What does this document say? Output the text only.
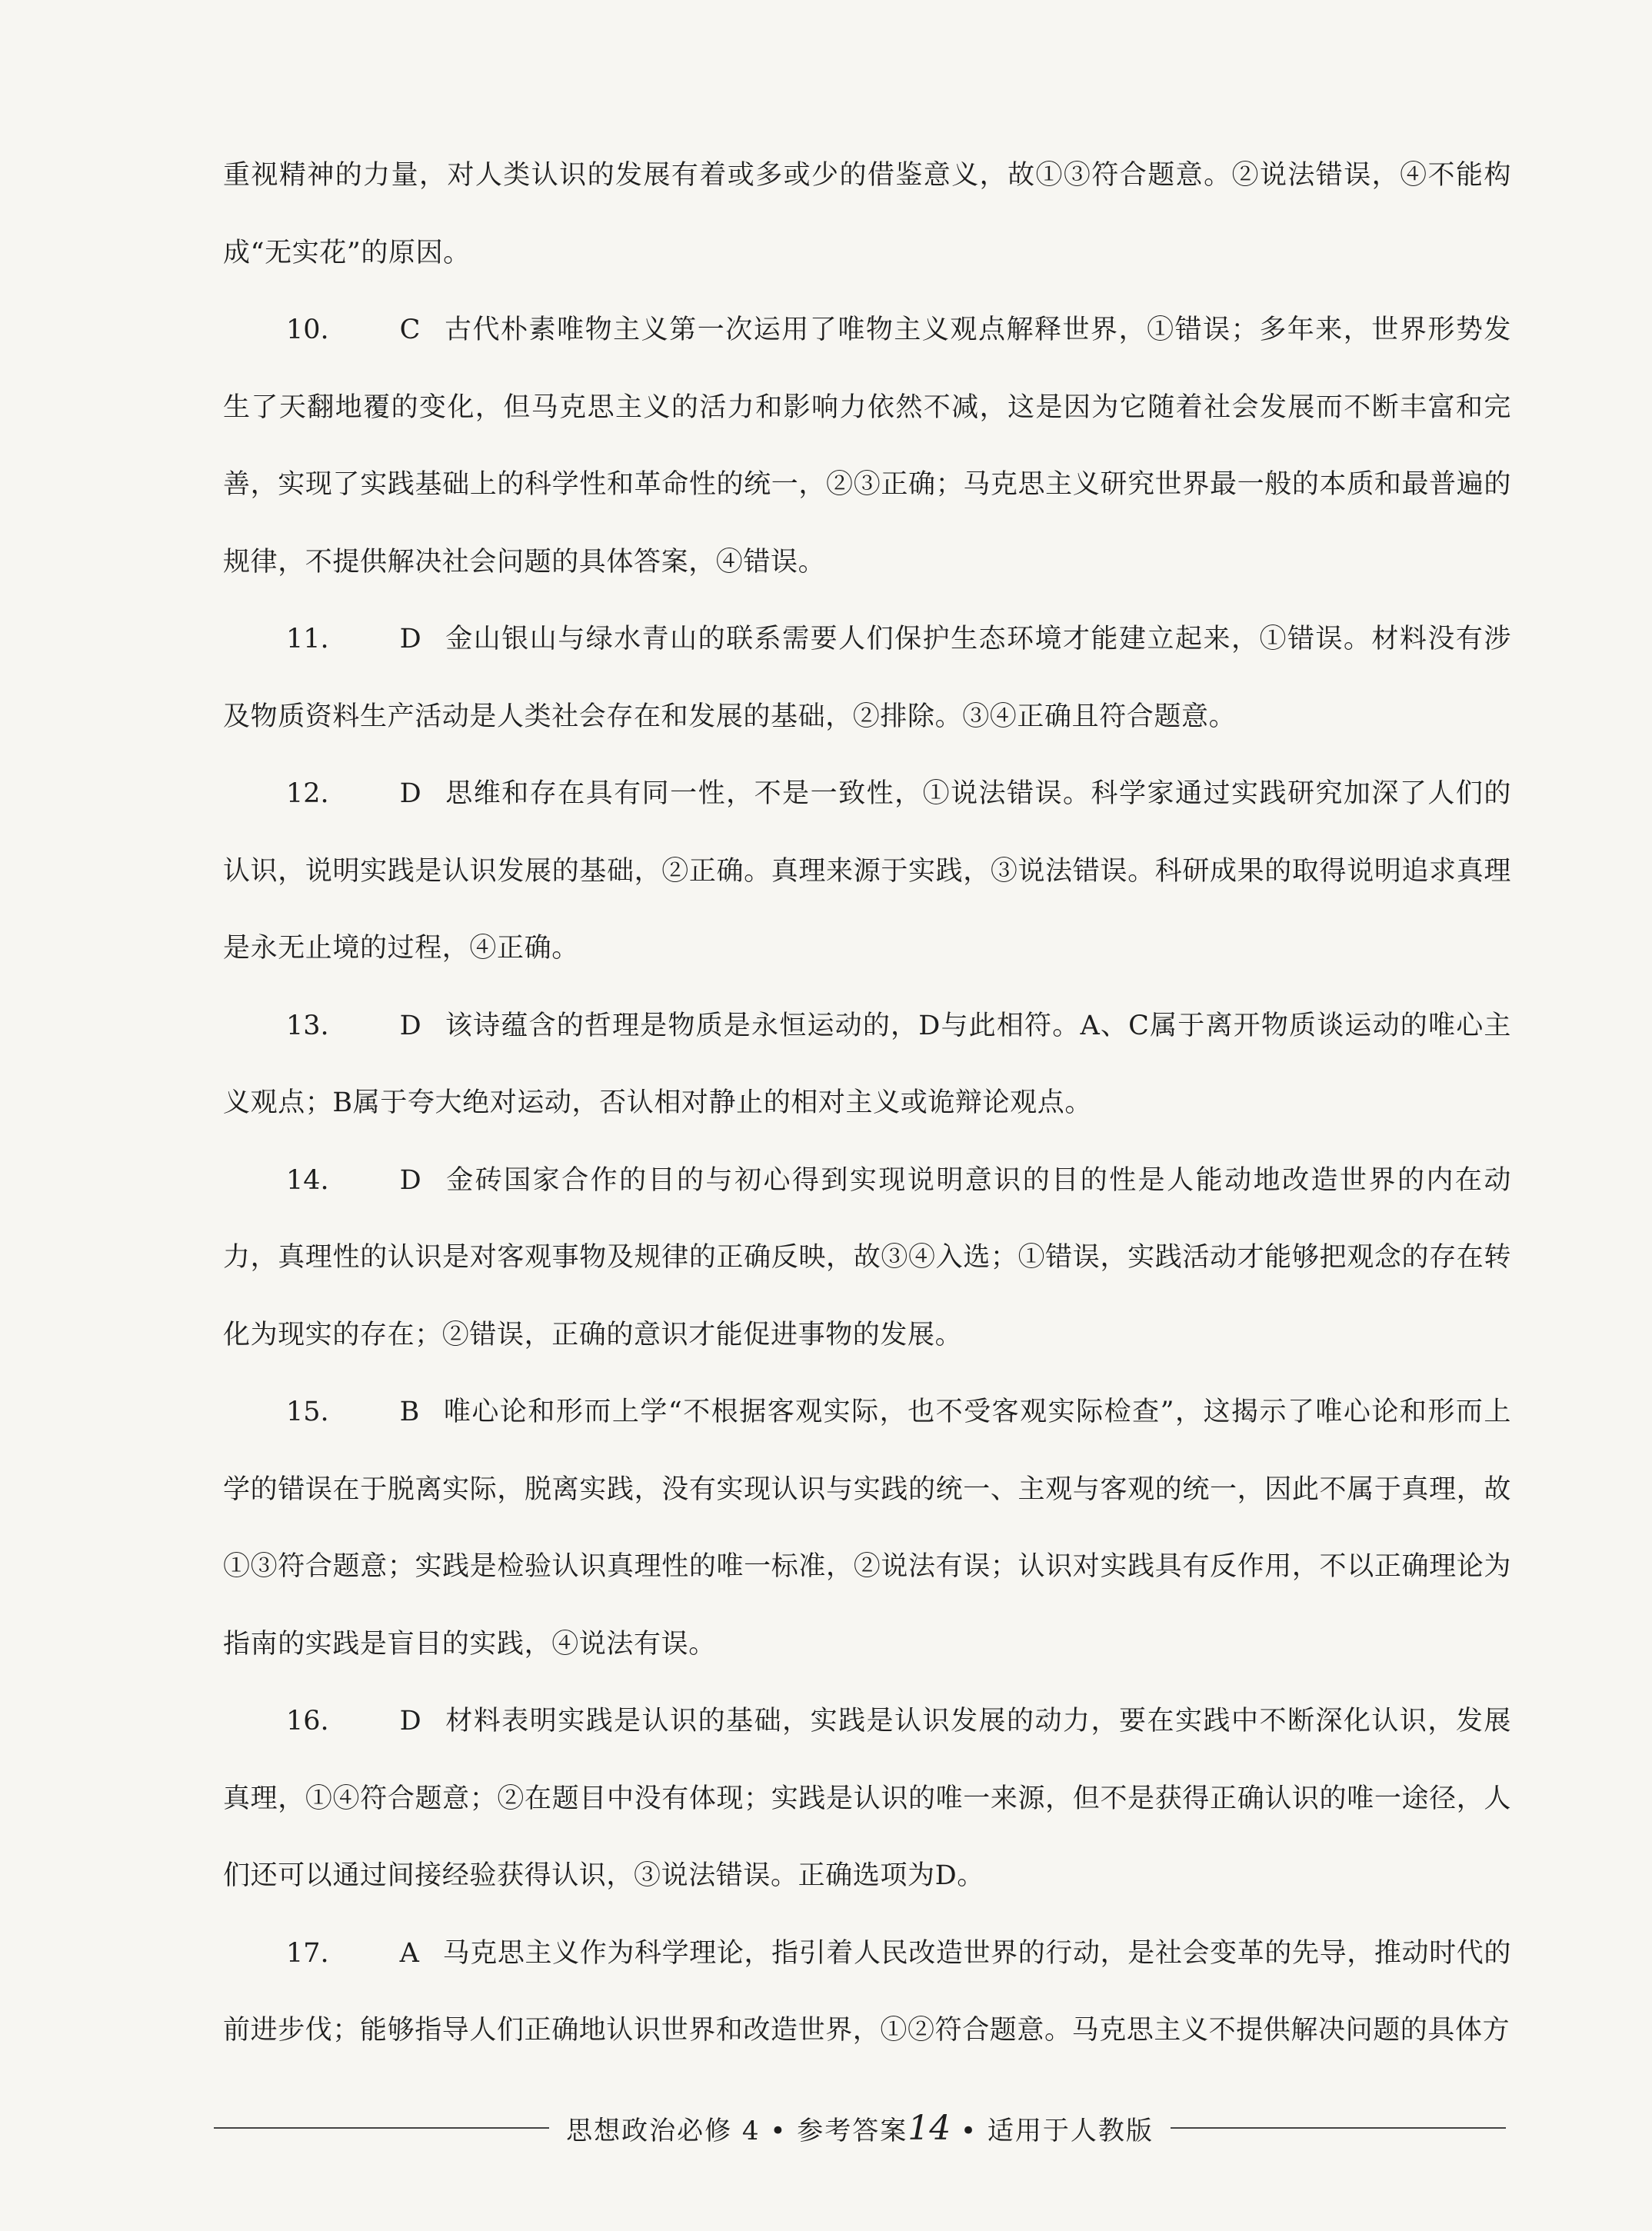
重视精神的力量，对人类认识的发展有着或多或少的借鉴意义，故①③符合题意。②说法错误，④不能构成“无实花”的原因。

10.	C 古代朴素唯物主义第一次运用了唯物主义观点解释世界，①错误；多年来，世界形势发生了天翻地覆的变化，但马克思主义的活力和影响力依然不减，这是因为它随着社会发展而不断丰富和完善，实现了实践基础上的科学性和革命性的统一，②③正确；马克思主义研究世界最一般的本质和最普遍的规律，不提供解决社会问题的具体答案，④错误。

11.	D 金山银山与绿水青山的联系需要人们保护生态环境才能建立起来，①错误。材料没有涉及物质资料生产活动是人类社会存在和发展的基础，②排除。③④正确且符合题意。

12.	D 思维和存在具有同一性，不是一致性，①说法错误。科学家通过实践研究加深了人们的认识，说明实践是认识发展的基础，②正确。真理来源于实践，③说法错误。科研成果的取得说明追求真理是永无止境的过程，④正确。

13.	D 该诗蕴含的哲理是物质是永恒运动的，D与此相符。A、C属于离开物质谈运动的唯心主义观点；B属于夸大绝对运动，否认相对静止的相对主义或诡辩论观点。

14.	D 金砖国家合作的目的与初心得到实现说明意识的目的性是人能动地改造世界的内在动力，真理性的认识是对客观事物及规律的正确反映，故③④入选；①错误，实践活动才能够把观念的存在转化为现实的存在；②错误，正确的意识才能促进事物的发展。

15.	B 唯心论和形而上学“不根据客观实际，也不受客观实际检查”，这揭示了唯心论和形而上学的错误在于脱离实际，脱离实践，没有实现认识与实践的统一、主观与客观的统一，因此不属于真理，故①③符合题意；实践是检验认识真理性的唯一标准，②说法有误；认识对实践具有反作用，不以正确理论为指南的实践是盲目的实践，④说法有误。

16.	D 材料表明实践是认识的基础，实践是认识发展的动力，要在实践中不断深化认识，发展真理，①④符合题意；②在题目中没有体现；实践是认识的唯一来源，但不是获得正确认识的唯一途径，人们还可以通过间接经验获得认识，③说法错误。正确选项为D。

17.	A 马克思主义作为科学理论，指引着人民改造世界的行动，是社会变革的先导，推动时代的前进步伐；能够指导人们正确地认识世界和改造世界，①②符合题意。马克思主义不提供解决问题的具体方

思想政治必修 4 • 参考答案14 • 适用于人教版
